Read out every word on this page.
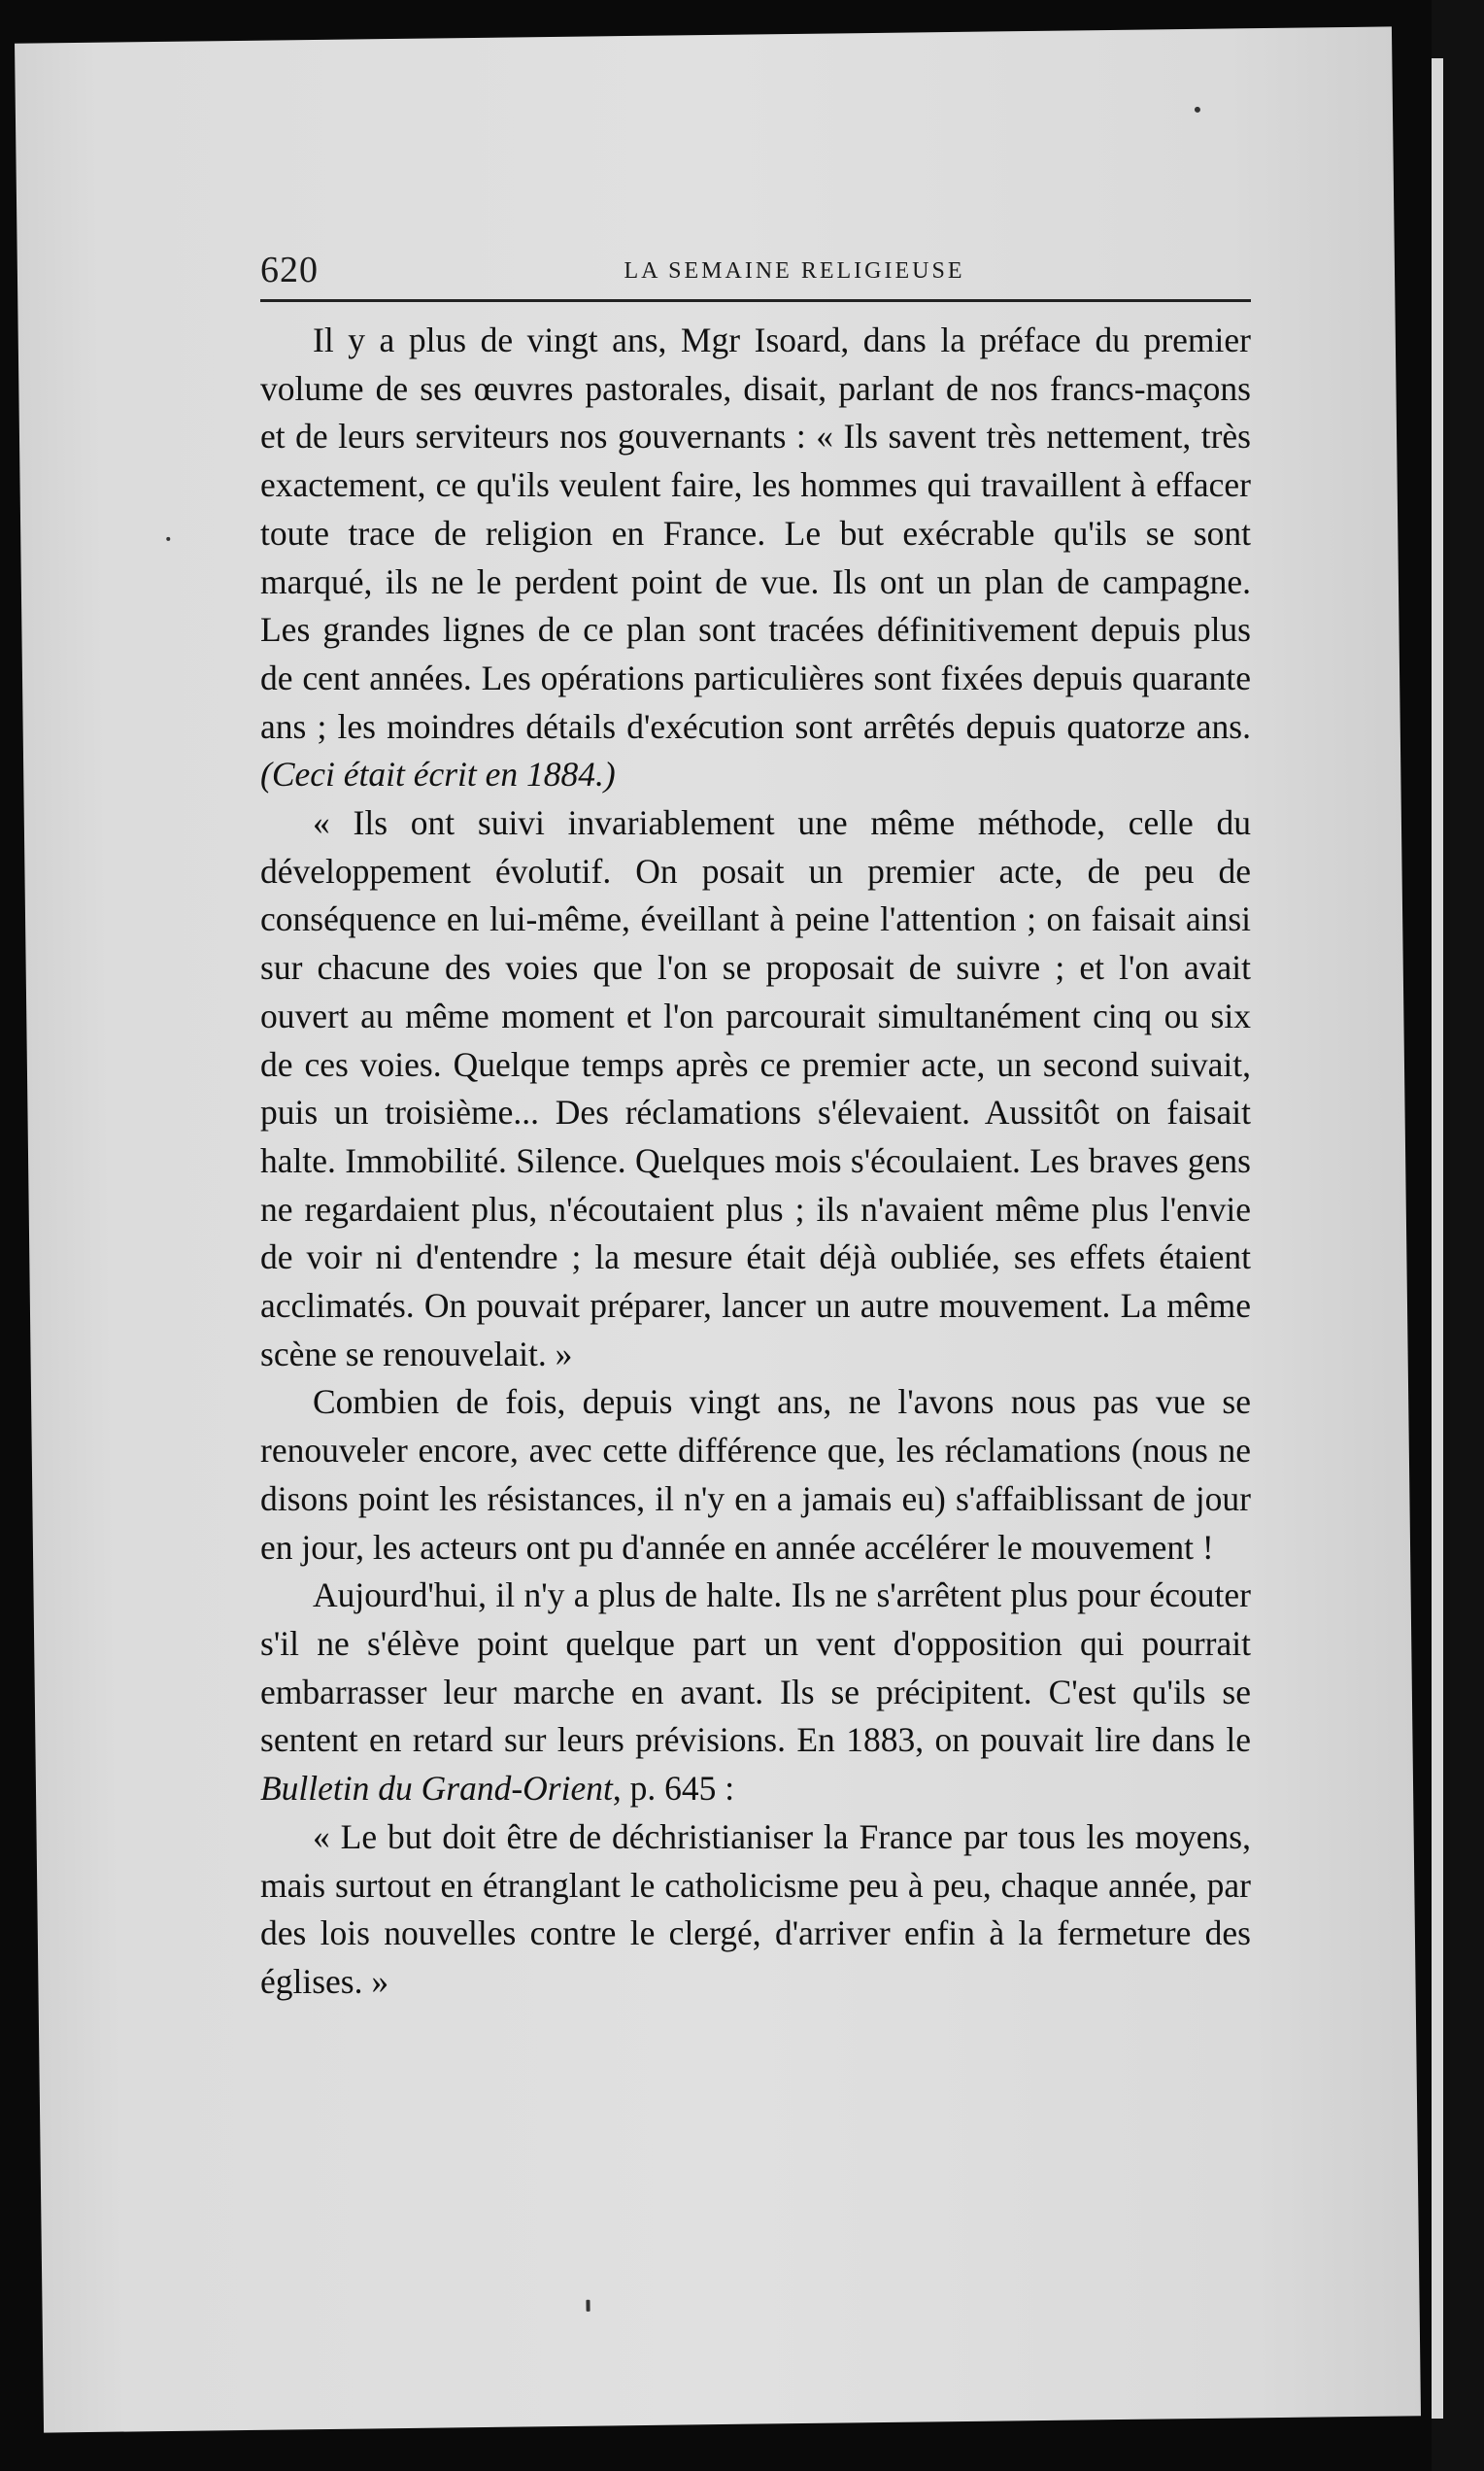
620	LA SEMAINE RELIGIEUSE

Il y a plus de vingt ans, Mgr Isoard, dans la préface du premier volume de ses œuvres pastorales, disait, parlant de nos francs-maçons et de leurs serviteurs nos gouvernants : « Ils savent très nettement, très exactement, ce qu'ils veulent faire, les hommes qui travaillent à effacer toute trace de religion en France. Le but exécrable qu'ils se sont marqué, ils ne le perdent point de vue. Ils ont un plan de campagne. Les grandes lignes de ce plan sont tracées définitivement depuis plus de cent années. Les opérations particulières sont fixées depuis quarante ans ; les moindres détails d'exécution sont arrêtés depuis quatorze ans. (Ceci était écrit en 1884.)

« Ils ont suivi invariablement une même méthode, celle du développement évolutif. On posait un premier acte, de peu de conséquence en lui-même, éveillant à peine l'attention ; on faisait ainsi sur chacune des voies que l'on se proposait de suivre ; et l'on avait ouvert au même moment et l'on parcourait simultanément cinq ou six de ces voies. Quelque temps après ce premier acte, un second suivait, puis un troisième... Des réclamations s'élevaient. Aussitôt on faisait halte. Immobilité. Silence. Quelques mois s'écoulaient. Les braves gens ne regardaient plus, n'écoutaient plus ; ils n'avaient même plus l'envie de voir ni d'entendre ; la mesure était déjà oubliée, ses effets étaient acclimatés. On pouvait préparer, lancer un autre mouvement. La même scène se renouvelait. »

Combien de fois, depuis vingt ans, ne l'avons nous pas vue se renouveler encore, avec cette différence que, les réclamations (nous ne disons point les résistances, il n'y en a jamais eu) s'affaiblissant de jour en jour, les acteurs ont pu d'année en année accélérer le mouvement !

Aujourd'hui, il n'y a plus de halte. Ils ne s'arrêtent plus pour écouter s'il ne s'élève point quelque part un vent d'opposition qui pourrait embarrasser leur marche en avant. Ils se précipitent. C'est qu'ils se sentent en retard sur leurs prévisions. En 1883, on pouvait lire dans le Bulletin du Grand-Orient, p. 645 :

« Le but doit être de déchristianiser la France par tous les moyens, mais surtout en étranglant le catholicisme peu à peu, chaque année, par des lois nouvelles contre le clergé, d'arriver enfin à la fermeture des églises. »
